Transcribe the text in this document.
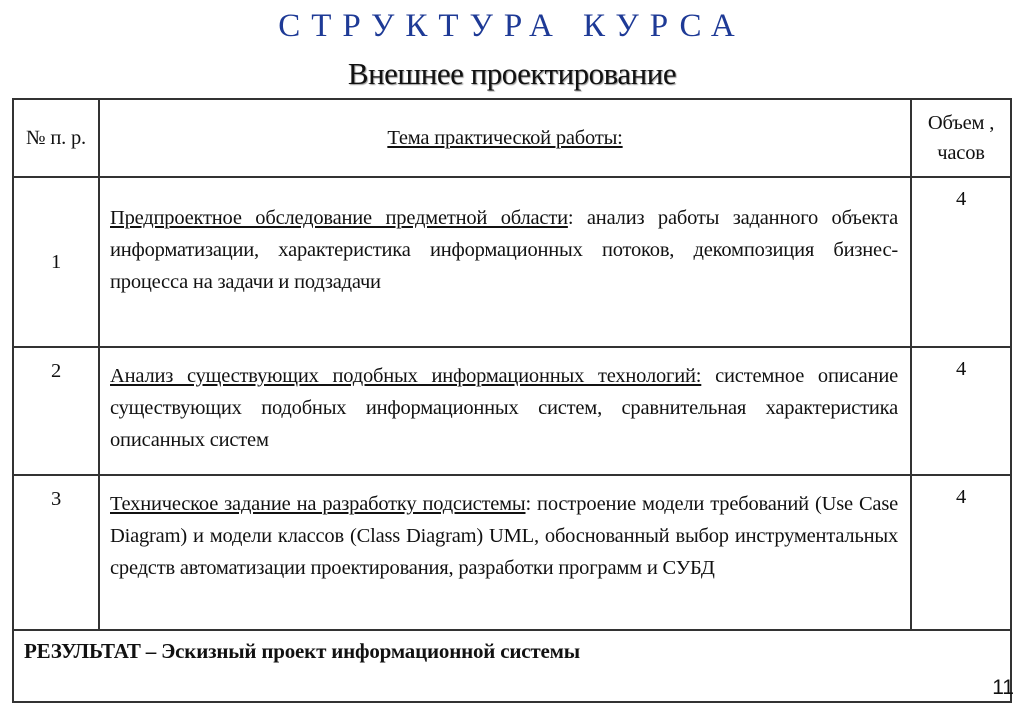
СТРУКТУРА КУРСА
Внешнее проектирование
№ п. р.	Тема практической работы:	Объем , часов
1	Предпроектное обследование предметной области: анализ работы заданного объекта информатизации, характеристика информационных потоков, декомпозиция бизнес-процесса на задачи и подзадачи	4
2	Анализ существующих подобных информационных технологий: системное описание существующих подобных информационных систем, сравнительная характеристика описанных систем	4
3	Техническое задание на разработку подсистемы: построение модели требований (Use Case Diagram) и модели классов (Class Diagram) UML, обоснованный выбор инструментальных средств автоматизации проектирования, разработки программ и СУБД	4
РЕЗУЛЬТАТ – Эскизный проект информационной системы		
11
